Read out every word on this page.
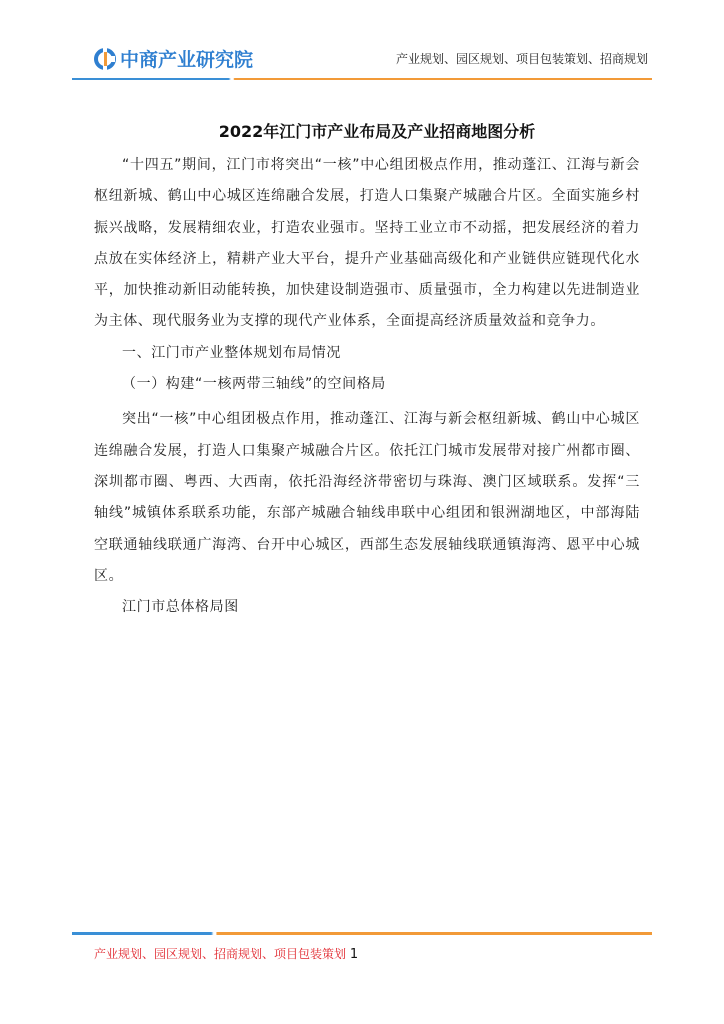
中商产业研究院	产业规划、园区规划、项目包装策划、招商规划
2022年江门市产业布局及产业招商地图分析

“十四五”期间，江门市将突出“一核”中心组团极点作用，推动蓬江、江海与新会枢纽新城、鹤山中心城区连绵融合发展，打造人口集聚产城融合片区。全面实施乡村振兴战略，发展精细农业，打造农业强市。坚持工业立市不动摇，把发展经济的着力点放在实体经济上，精耕产业大平台，提升产业基础高级化和产业链供应链现代化水平，加快推动新旧动能转换，加快建设制造强市、质量强市，全力构建以先进制造业为主体、现代服务业为支撑的现代产业体系，全面提高经济质量效益和竞争力。

一、江门市产业整体规划布局情况

（一）构建“一核两带三轴线”的空间格局

突出“一核”中心组团极点作用，推动蓬江、江海与新会枢纽新城、鹤山中心城区连绵融合发展，打造人口集聚产城融合片区。依托江门城市发展带对接广州都市圈、深圳都市圈、粤西、大西南，依托沿海经济带密切与珠海、澳门区域联系。发挥“三轴线”城镇体系联系功能，东部产城融合轴线串联中心组团和银洲湖地区，中部海陆空联通轴线联通广海湾、台开中心城区，西部生态发展轴线联通镇海湾、恩平中心城区。

江门市总体格局图

产业规划、园区规划、招商规划、项目包装策划 1
